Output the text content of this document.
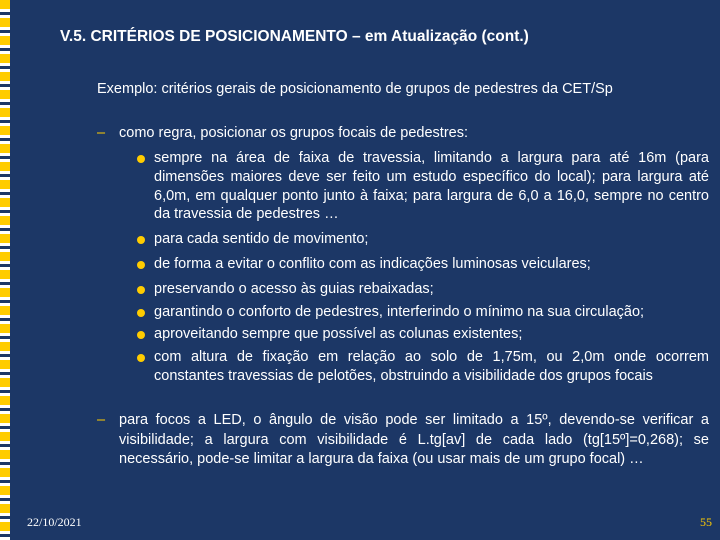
V.5. CRITÉRIOS DE POSICIONAMENTO – em Atualização (cont.)
Exemplo: critérios gerais de posicionamento de grupos de pedestres da CET/Sp
– como regra, posicionar os grupos focais de pedestres:
sempre na área de faixa de travessia, limitando a largura para até 16m (para dimensões maiores deve ser feito um estudo específico do local); para largura até 6,0m, em qualquer ponto junto à faixa; para largura de 6,0 a 16,0, sempre no centro da travessia de pedestres …
para cada sentido de movimento;
de forma a evitar o conflito com as indicações luminosas veiculares;
preservando o acesso às guias rebaixadas;
garantindo o conforto de pedestres, interferindo o mínimo na sua circulação;
aproveitando sempre que possível as colunas existentes;
com altura de fixação em relação ao solo de 1,75m, ou 2,0m onde ocorrem constantes travessias de pelotões, obstruindo a visibilidade dos grupos focais
– para focos a LED, o ângulo de visão pode ser limitado a 15º, devendo-se verificar a visibilidade; a largura com visibilidade é L.tg[av] de cada lado (tg[15º]=0,268); se necessário, pode-se limitar a largura da faixa (ou usar mais de um grupo focal) …
22/10/2021	55
